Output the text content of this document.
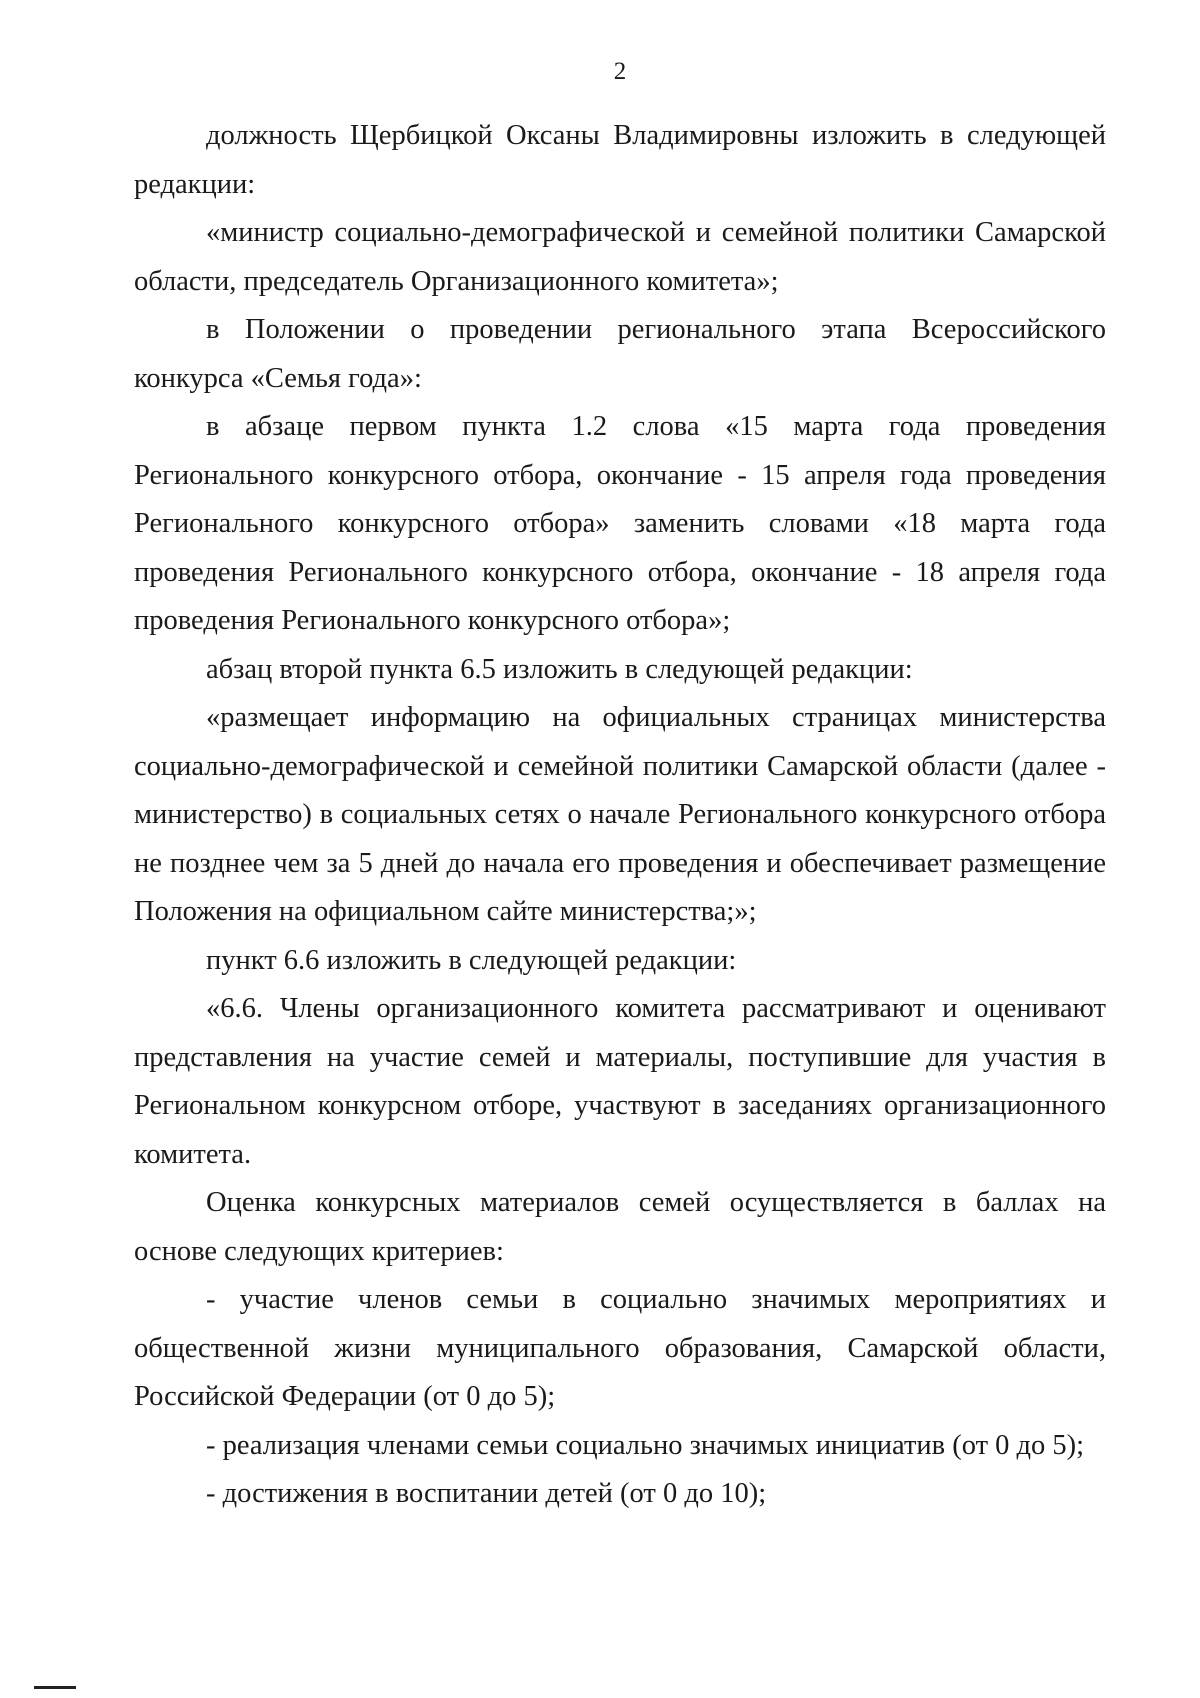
2

должность Щербицкой Оксаны Владимировны изложить в следующей редакции:

«министр социально-демографической и семейной политики Самарской области, председатель Организационного комитета»;

в Положении о проведении регионального этапа Всероссийского конкурса «Семья года»:

в абзаце первом пункта 1.2 слова «15 марта года проведения Регионального конкурсного отбора, окончание - 15 апреля года проведения Регионального конкурсного отбора» заменить словами «18 марта года проведения Регионального конкурсного отбора, окончание - 18 апреля года проведения Регионального конкурсного отбора»;

абзац второй пункта 6.5 изложить в следующей редакции:

«размещает информацию на официальных страницах министерства социально-демографической и семейной политики Самарской области (далее - министерство) в социальных сетях о начале Регионального конкурсного отбора не позднее чем за 5 дней до начала его проведения и обеспечивает размещение Положения на официальном сайте министерства;»;

пункт 6.6 изложить в следующей редакции:

«6.6. Члены организационного комитета рассматривают и оценивают представления на участие семей и материалы, поступившие для участия в Региональном конкурсном отборе, участвуют в заседаниях организационного комитета.

Оценка конкурсных материалов семей осуществляется в баллах на основе следующих критериев:

- участие членов семьи в социально значимых мероприятиях и общественной жизни муниципального образования, Самарской области, Российской Федерации (от 0 до 5);

- реализация членами семьи социально значимых инициатив (от 0 до 5);

- достижения в воспитании детей (от 0 до 10);
